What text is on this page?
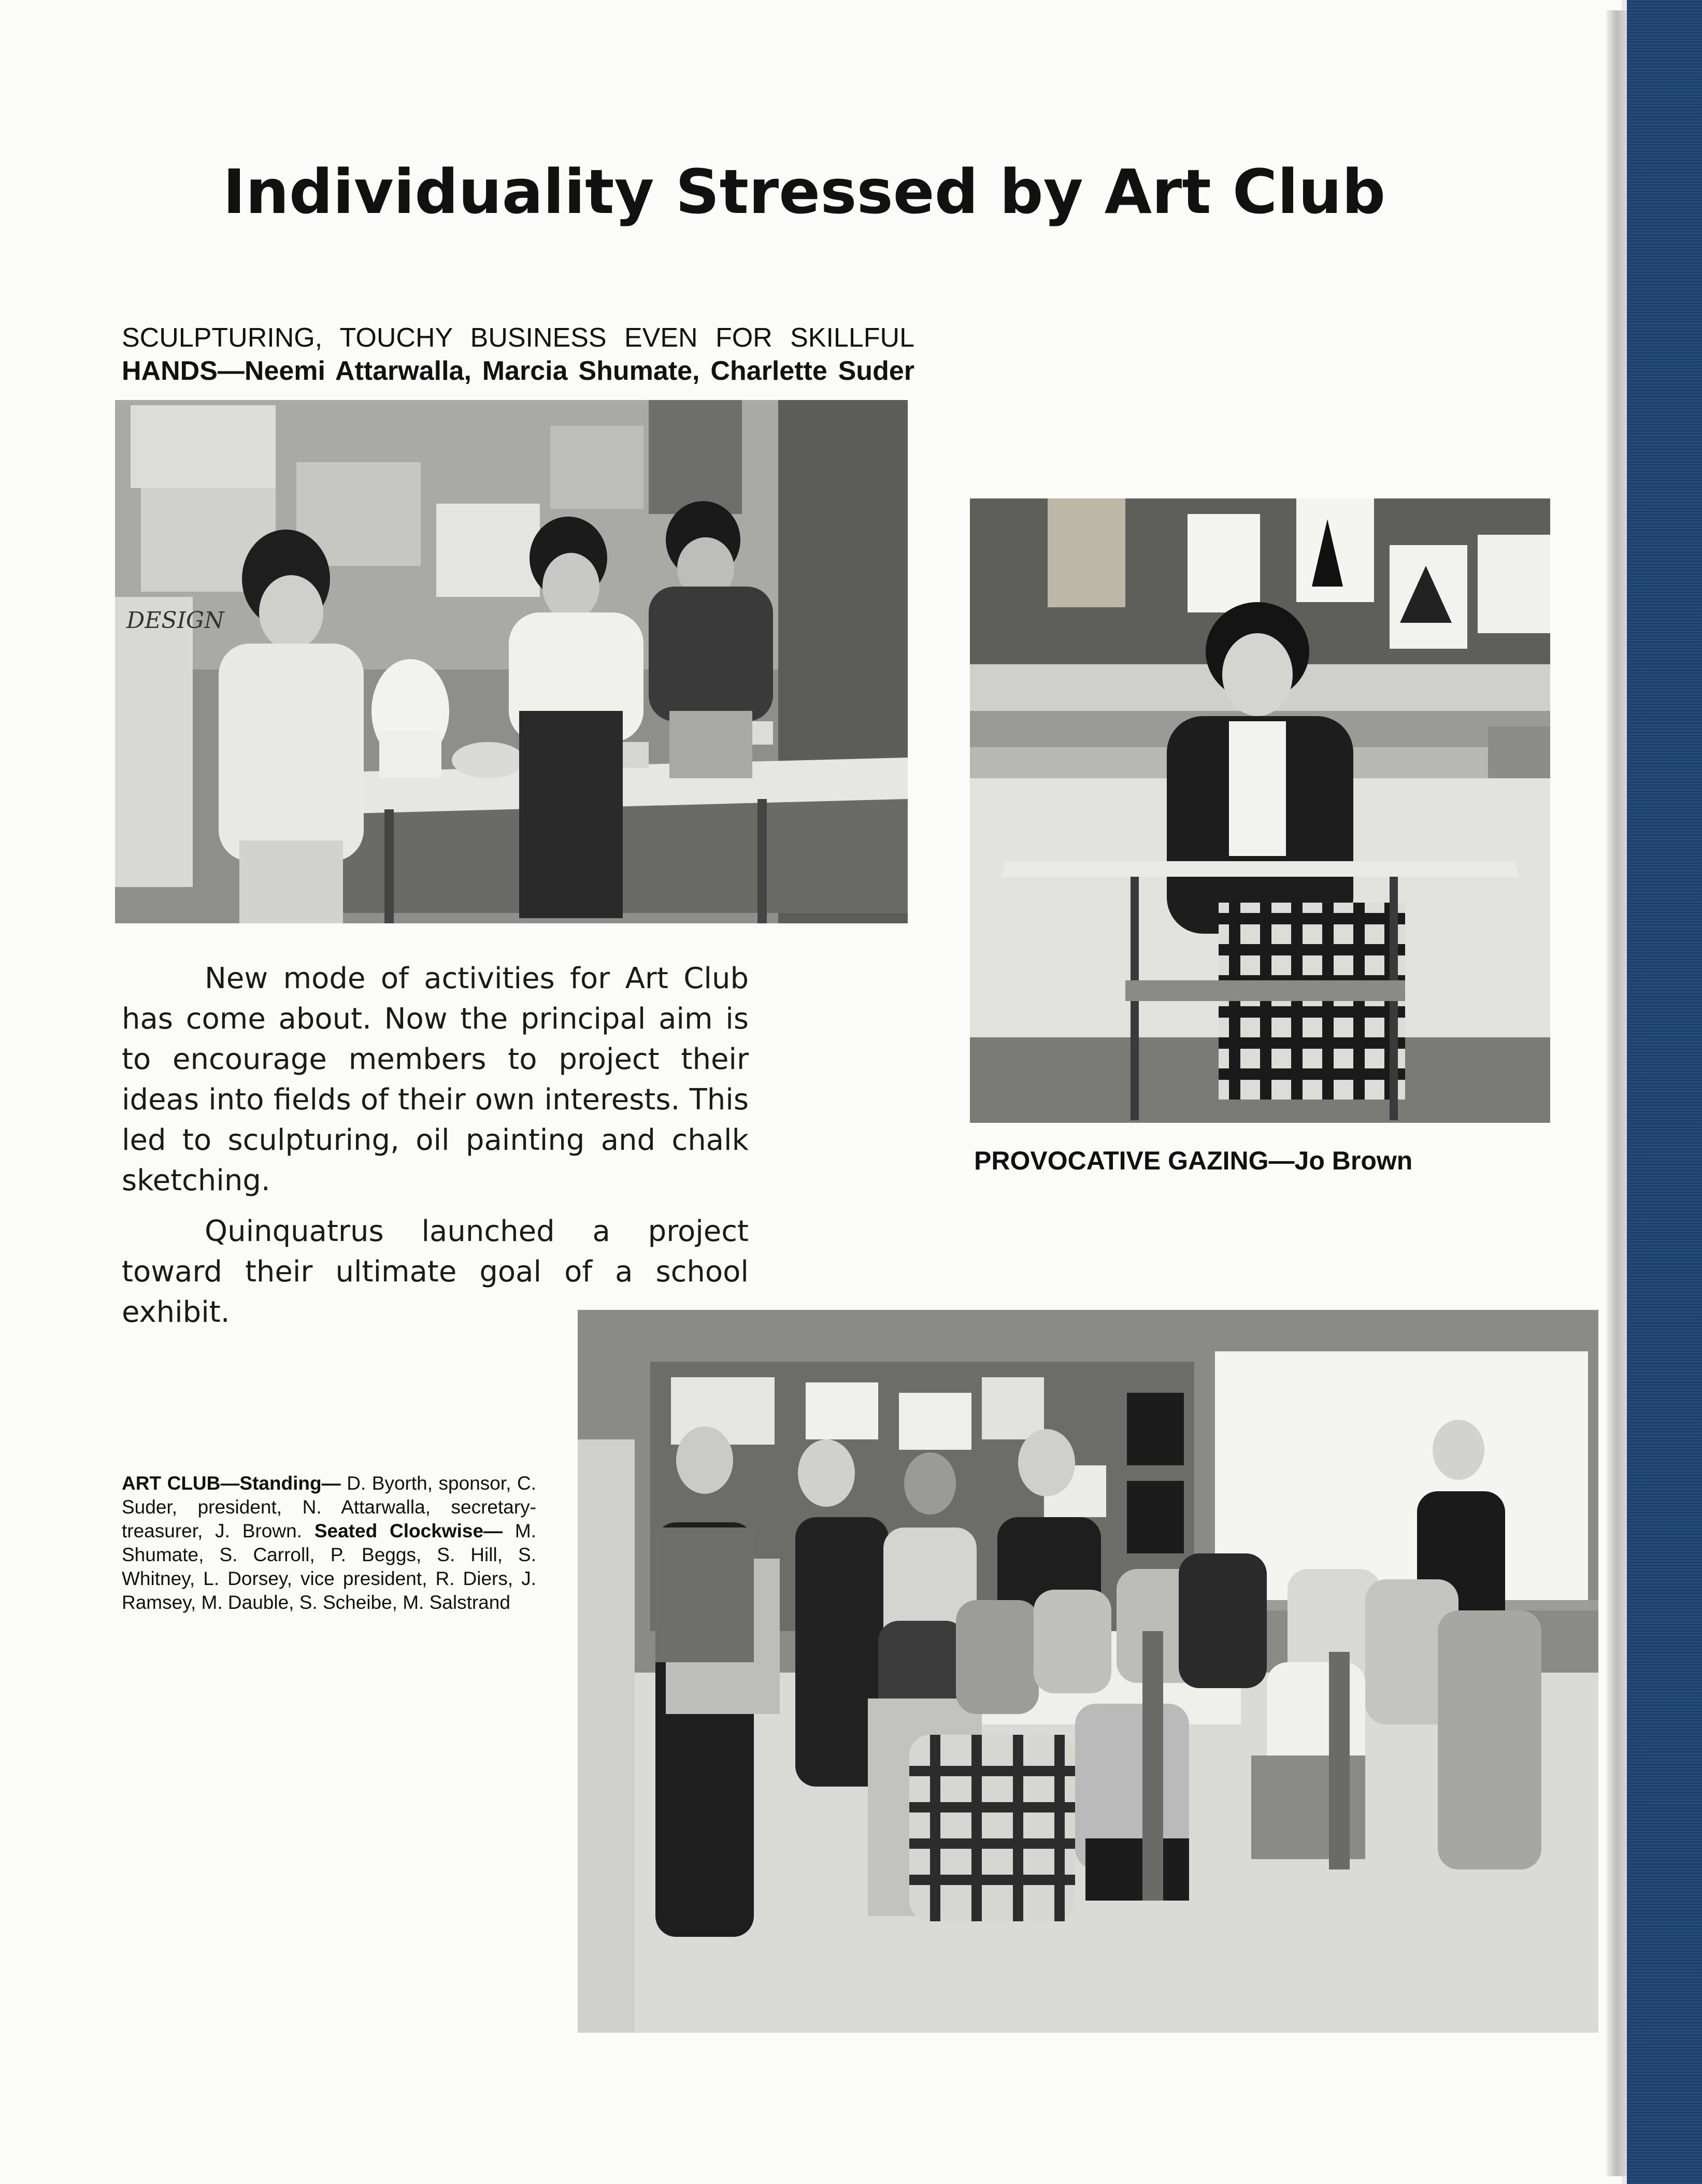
Individuality Stressed by Art Club
SCULPTURING, TOUCHY BUSINESS EVEN FOR SKILLFUL
HANDS—Neemi Attarwalla, Marcia Shumate, Charlette Suder
DESIGN

New mode of activities for Art Club has come about. Now the principal aim is to encourage members to project their ideas into fields of their own interests. This led to sculpturing, oil painting and chalk sketching.

Quinquatrus launched a project toward their ultimate goal of a school exhibit.

PROVOCATIVE GAZING—Jo Brown
ART CLUB—Standing— D. Byorth, sponsor, C. Suder, president, N. Attarwalla, secretary-treasurer, J. Brown. Seated Clockwise— M. Shumate, S. Carroll, P. Beggs, S. Hill, S. Whitney, L. Dorsey, vice president, R. Diers, J. Ramsey, M. Dauble, S. Scheibe, M. Salstrand
